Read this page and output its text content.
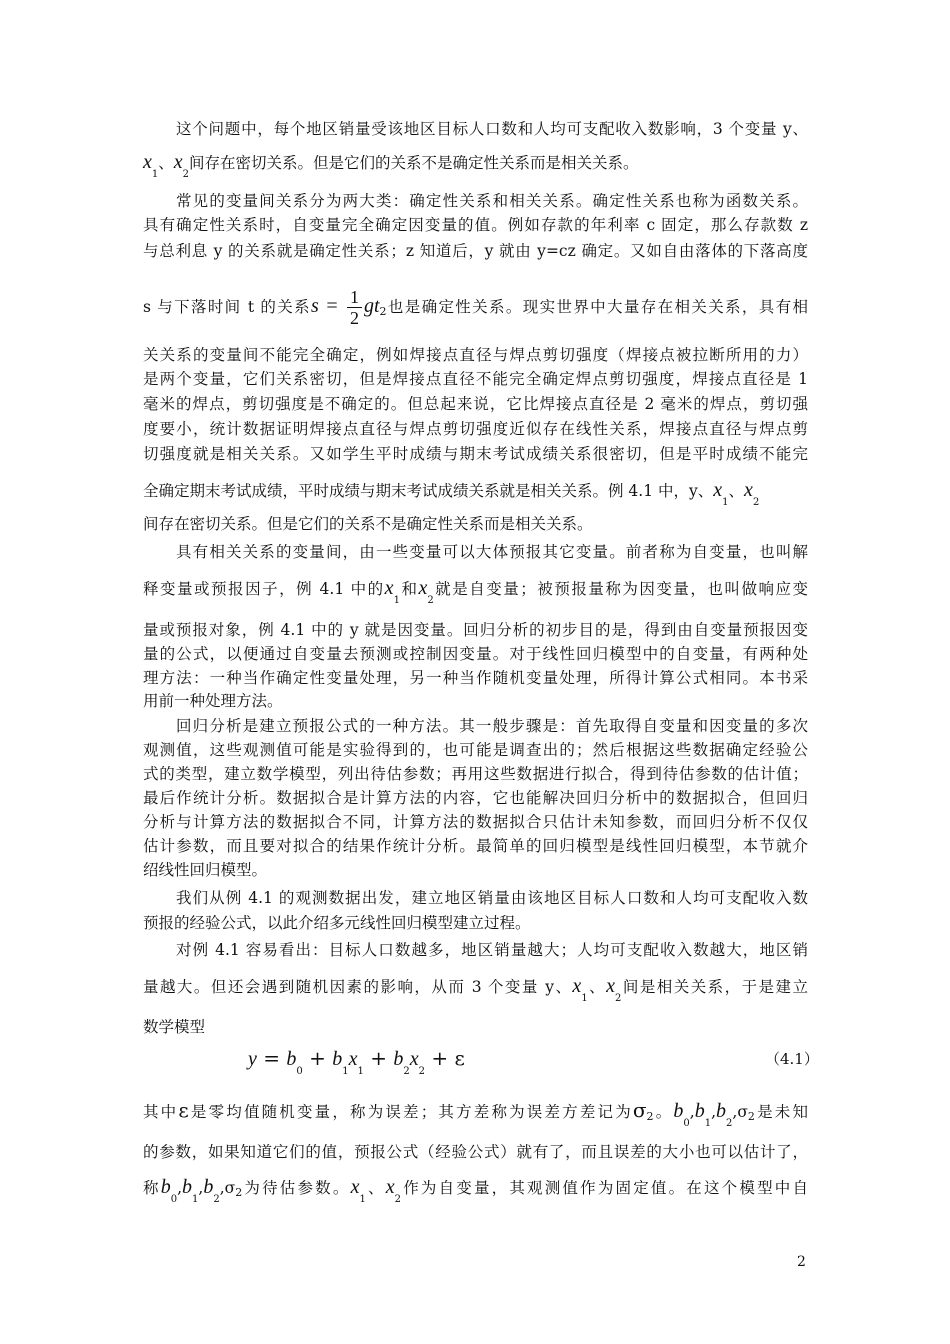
这个问题中，每个地区销量受该地区目标人口数和人均可支配收入数影响，3 个变量 y、
$x_1$、$x_2$间存在密切关系。但是它们的关系不是确定性关系而是相关关系。
常见的变量间关系分为两大类：确定性关系和相关关系。确定性关系也称为函数关系。
具有确定性关系时，自变量完全确定因变量的值。例如存款的年利率 c 固定，那么存款数 z
与总利息 y 的关系就是确定性关系；z 知道后，y 就由 y=cz 确定。又如自由落体的下落高度
s 与下落时间 t 的关系$s = \frac{1}{2} gt2$也是确定性关系。现实世界中大量存在相关关系，具有相
关关系的变量间不能完全确定，例如焊接点直径与焊点剪切强度（焊接点被拉断所用的力）
是两个变量，它们关系密切，但是焊接点直径不能完全确定焊点剪切强度，焊接点直径是 1
毫米的焊点，剪切强度是不确定的。但总起来说，它比焊接点直径是 2 毫米的焊点，剪切强
度要小，统计数据证明焊接点直径与焊点剪切强度近似存在线性关系，焊接点直径与焊点剪
切强度就是相关关系。又如学生平时成绩与期末考试成绩关系很密切，但是平时成绩不能完
全确定期末考试成绩，平时成绩与期末考试成绩关系就是相关关系。例 4.1 中，y、$x_1$、$x_2$
间存在密切关系。但是它们的关系不是确定性关系而是相关关系。
具有相关关系的变量间，由一些变量可以大体预报其它变量。前者称为自变量，也叫解
释变量或预报因子，例 4.1 中的$x_1$和$x_2$就是自变量；被预报量称为因变量，也叫做响应变
量或预报对象，例 4.1 中的 y 就是因变量。回归分析的初步目的是，得到由自变量预报因变
量的公式，以便通过自变量去预测或控制因变量。对于线性回归模型中的自变量，有两种处
理方法：一种当作确定性变量处理，另一种当作随机变量处理，所得计算公式相同。本书采
用前一种处理方法。
回归分析是建立预报公式的一种方法。其一般步骤是：首先取得自变量和因变量的多次
观测值，这些观测值可能是实验得到的，也可能是调查出的；然后根据这些数据确定经验公
式的类型，建立数学模型，列出待估参数；再用这些数据进行拟合，得到待估参数的估计值；
最后作统计分析。数据拟合是计算方法的内容，它也能解决回归分析中的数据拟合，但回归
分析与计算方法的数据拟合不同，计算方法的数据拟合只估计未知参数，而回归分析不仅仅
估计参数，而且要对拟合的结果作统计分析。最简单的回归模型是线性回归模型，本节就介
绍线性回归模型。
我们从例 4.1 的观测数据出发，建立地区销量由该地区目标人口数和人均可支配收入数
预报的经验公式，以此介绍多元线性回归模型建立过程。
对例 4.1 容易看出：目标人口数越多，地区销量越大；人均可支配收入数越大，地区销
量越大。但还会遇到随机因素的影响，从而 3 个变量 y、$x_1$、$x_2$间是相关关系，于是建立
数学模型
$y = b_0 + b_1x_1 + b_2x_2 + \varepsilon$	（4.1）
其中ε是零均值随机变量，称为误差；其方差称为误差方差记为σ2。$b_0,b_1,b_2,\sigma 2$是未知
的参数，如果知道它们的值，预报公式（经验公式）就有了，而且误差的大小也可以估计了，
称$b_0,b_1,b_2,\sigma 2$为待估参数。$x_1$、$x_2$作为自变量，其观测值作为固定值。在这个模型中自
2
